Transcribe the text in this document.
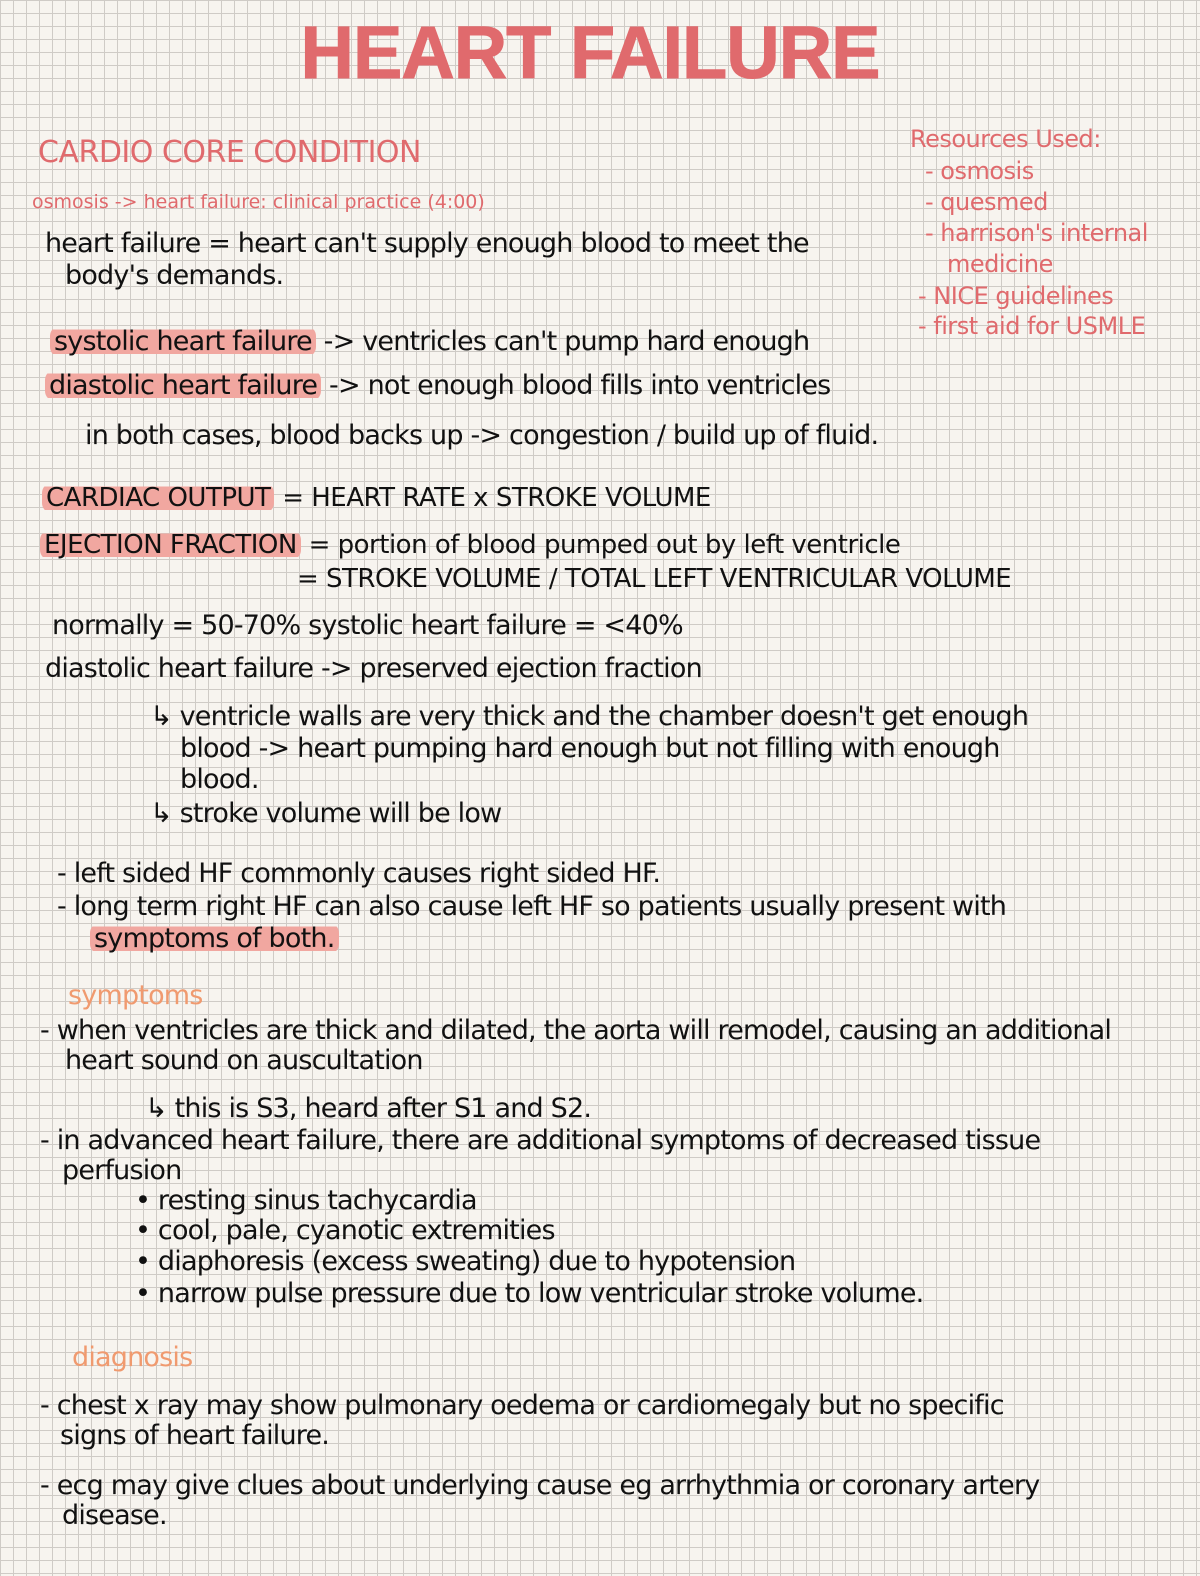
HEART FAILURE
CARDIO CORE CONDITION
osmosis -> heart failure: clinical practice (4:00)
Resources Used:
- osmosis
- quesmed
- harrison's internal
medicine
- NICE guidelines
- first aid for USMLE
heart failure = heart can't supply enough blood to meet the
body's demands.
systolic heart failure -> ventricles can't pump hard enough
diastolic heart failure -> not enough blood fills into ventricles
in both cases, blood backs up -> congestion / build up of fluid.
CARDIAC OUTPUT = HEART RATE x STROKE VOLUME
EJECTION FRACTION = portion of blood pumped out by left ventricle
= STROKE VOLUME / TOTAL LEFT VENTRICULAR VOLUME
normally = 50-70% systolic heart failure = <40%
diastolic heart failure -> preserved ejection fraction
↳ ventricle walls are very thick and the chamber doesn't get enough
blood -> heart pumping hard enough but not filling with enough
blood.
↳ stroke volume will be low
- left sided HF commonly causes right sided HF.
- long term right HF can also cause left HF so patients usually present with
symptoms of both.
symptoms
- when ventricles are thick and dilated, the aorta will remodel, causing an additional
heart sound on auscultation
↳ this is S3, heard after S1 and S2.
- in advanced heart failure, there are additional symptoms of decreased tissue
perfusion
• resting sinus tachycardia
• cool, pale, cyanotic extremities
• diaphoresis (excess sweating) due to hypotension
• narrow pulse pressure due to low ventricular stroke volume.
diagnosis
- chest x ray may show pulmonary oedema or cardiomegaly but no specific
signs of heart failure.
- ecg may give clues about underlying cause eg arrhythmia or coronary artery
disease.
